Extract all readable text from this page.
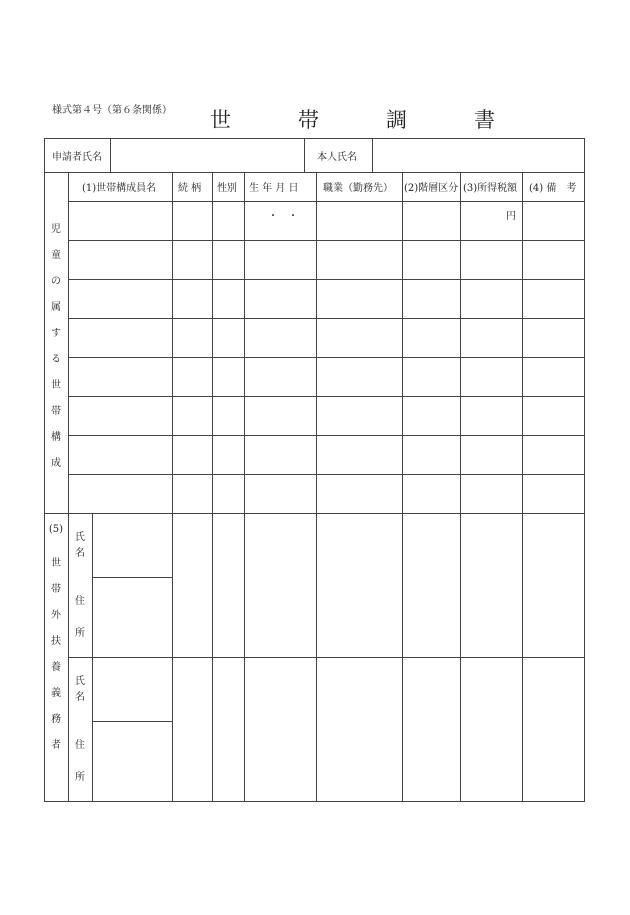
様式第４号（第６条関係） 世　帯　調　書
申請者氏名	本人氏名
(1)世帯構成員名 続 柄 性別 生 年 月 日 職業（勤務先） (2)階層区分 (3)所得税額 (4) 備　考
・　・	円
児
童
の
属
す
る
世
帯
構
成
(5)
世
帯
外
扶
養
義
務
者
氏
名
住
所
氏
名
住
所
